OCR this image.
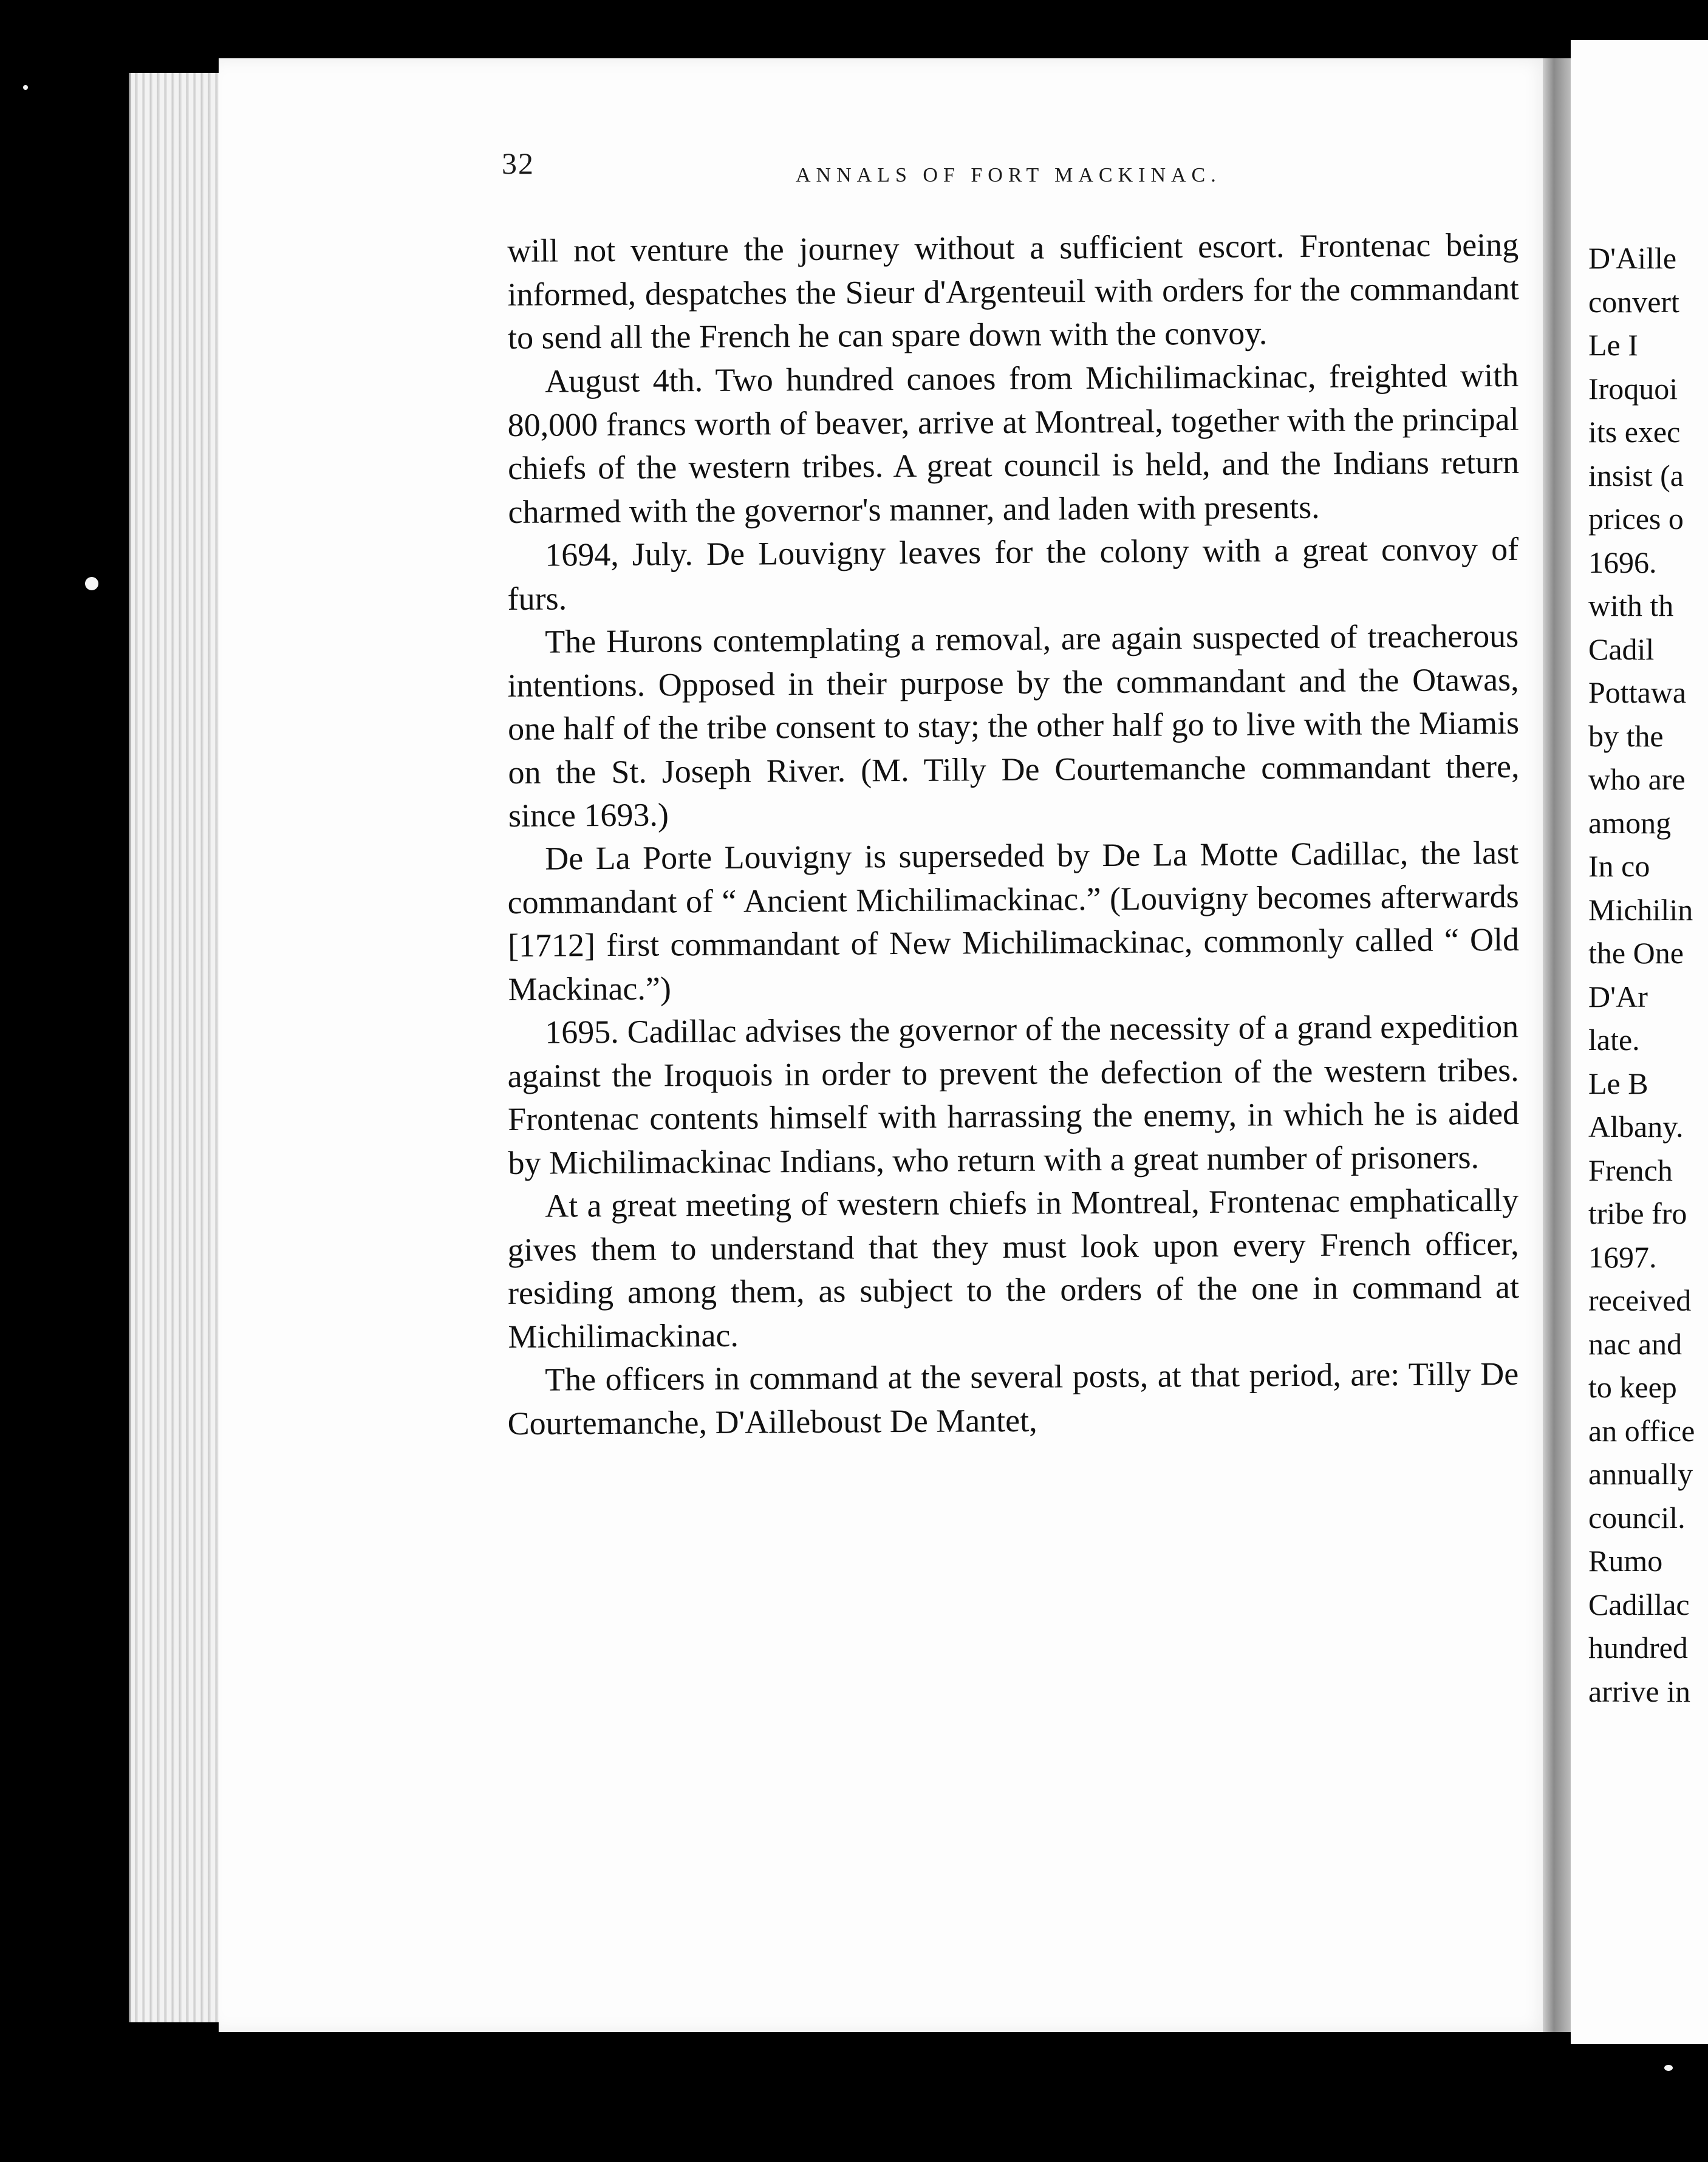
32	ANNALS OF FORT MACKINAC.

will not venture the journey without a sufficient escort. Frontenac being informed, despatches the Sieur d'Argenteuil with orders for the commandant to send all the French he can spare down with the convoy.

August 4th. Two hundred canoes from Michilimackinac, freighted with 80,000 francs worth of beaver, arrive at Montreal, together with the principal chiefs of the western tribes. A great council is held, and the Indians return charmed with the governor's manner, and laden with presents.

1694, July. De Louvigny leaves for the colony with a great convoy of furs.

The Hurons contemplating a removal, are again suspected of treacherous intentions. Opposed in their purpose by the commandant and the Otawas, one half of the tribe consent to stay; the other half go to live with the Miamis on the St. Joseph River. (M. Tilly De Courtemanche commandant there, since 1693.)

De La Porte Louvigny is superseded by De La Motte Cadillac, the last commandant of “ Ancient Michilimackinac.” (Louvigny becomes afterwards [1712] first commandant of New Michilimackinac, commonly called “ Old Mackinac.”)

1695. Cadillac advises the governor of the necessity of a grand expedition against the Iroquois in order to prevent the defection of the western tribes. Frontenac contents himself with harrassing the enemy, in which he is aided by Michilimackinac Indians, who return with a great number of prisoners.

At a great meeting of western chiefs in Montreal, Frontenac emphatically gives them to understand that they must look upon every French officer, residing among them, as subject to the orders of the one in command at Michilimackinac.

The officers in command at the several posts, at that period, are: Tilly De Courtemanche, D'Ailleboust De Mantet,

D'Aille
convert
Le I
Iroquoi
its exec
insist (a
prices o
1696.
with th
Cadil
Pottawa
by the
who are
among
In co
Michilin
the One
D'Ar
late.
Le B
Albany.
French
tribe fro
1697.
received
nac and
to keep
an office
annually
council.
Rumo
Cadillac
hundred
arrive in
